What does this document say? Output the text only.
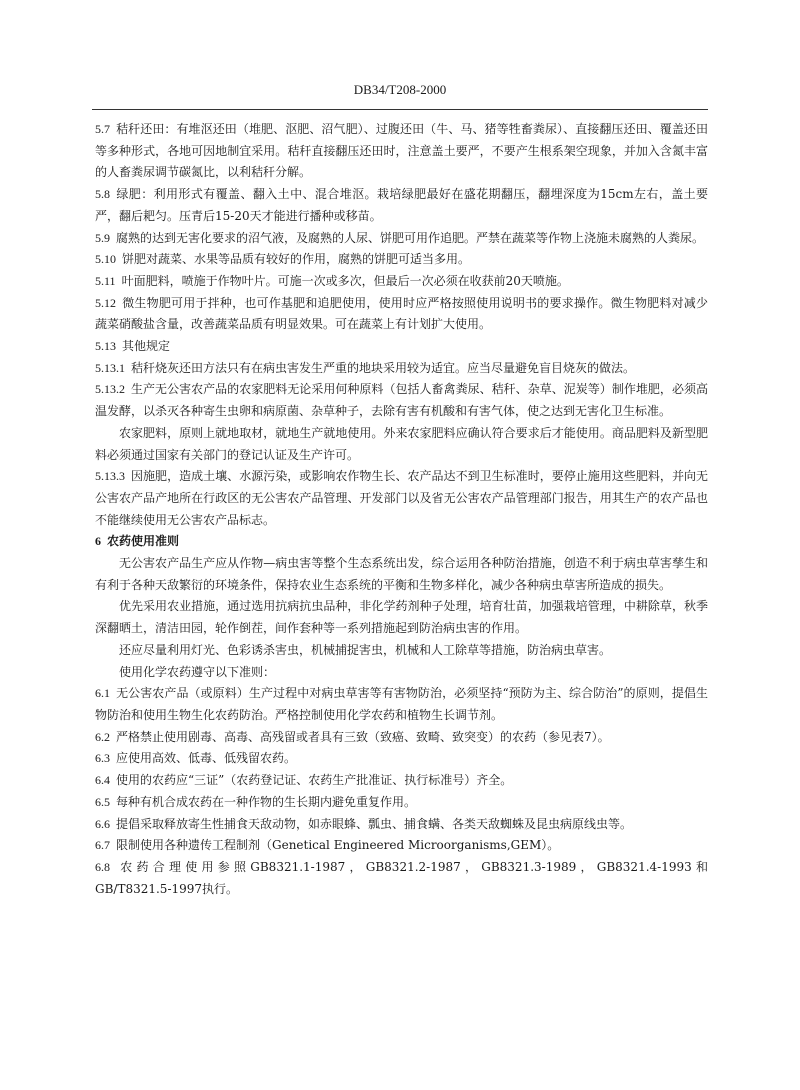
DB34/T208-2000

5.7 秸秆还田：有堆沤还田（堆肥、沤肥、沼气肥）、过腹还田（牛、马、猪等牲畜粪尿）、直接翻压还田、覆盖还田等多种形式，各地可因地制宜采用。秸秆直接翻压还田时，注意盖土要严，不要产生根系架空现象，并加入含氮丰富的人畜粪尿调节碳氮比，以利秸秆分解。

5.8 绿肥：利用形式有覆盖、翻入土中、混合堆沤。栽培绿肥最好在盛花期翻压，翻埋深度为15cm左右，盖土要严，翻后耙匀。压青后15-20天才能进行播种或移苗。

5.9 腐熟的达到无害化要求的沼气液，及腐熟的人尿、饼肥可用作追肥。严禁在蔬菜等作物上浇施未腐熟的人粪尿。

5.10 饼肥对蔬菜、水果等品质有较好的作用，腐熟的饼肥可适当多用。

5.11 叶面肥料，喷施于作物叶片。可施一次或多次，但最后一次必须在收获前20天喷施。

5.12 微生物肥可用于拌种，也可作基肥和追肥使用，使用时应严格按照使用说明书的要求操作。微生物肥料对减少蔬菜硝酸盐含量，改善蔬菜品质有明显效果。可在蔬菜上有计划扩大使用。

5.13 其他规定

5.13.1 秸秆烧灰还田方法只有在病虫害发生严重的地块采用较为适宜。应当尽量避免盲目烧灰的做法。

5.13.2 生产无公害农产品的农家肥料无论采用何种原料（包括人畜禽粪尿、秸秆、杂草、泥炭等）制作堆肥，必须高温发酵，以杀灭各种寄生虫卵和病原菌、杂草种子，去除有害有机酸和有害气体，使之达到无害化卫生标准。

农家肥料，原则上就地取材，就地生产就地使用。外来农家肥料应确认符合要求后才能使用。商品肥料及新型肥料必须通过国家有关部门的登记认证及生产许可。

5.13.3 因施肥，造成土壤、水源污染，或影响农作物生长、农产品达不到卫生标准时，要停止施用这些肥料，并向无公害农产品产地所在行政区的无公害农产品管理、开发部门以及省无公害农产品管理部门报告，用其生产的农产品也不能继续使用无公害农产品标志。

6 农药使用准则

无公害农产品生产应从作物—病虫害等整个生态系统出发，综合运用各种防治措施，创造不利于病虫草害孳生和有利于各种天敌繁衍的环境条件，保持农业生态系统的平衡和生物多样化，减少各种病虫草害所造成的损失。

优先采用农业措施，通过选用抗病抗虫品种，非化学药剂种子处理，培育壮苗，加强栽培管理，中耕除草，秋季深翻晒土，清洁田园，轮作倒茬，间作套种等一系列措施起到防治病虫害的作用。

还应尽量利用灯光、色彩诱杀害虫，机械捕捉害虫，机械和人工除草等措施，防治病虫草害。

使用化学农药遵守以下准则：

6.1 无公害农产品（或原料）生产过程中对病虫草害等有害物防治，必须坚持“预防为主、综合防治”的原则，提倡生物防治和使用生物生化农药防治。严格控制使用化学农药和植物生长调节剂。

6.2 严格禁止使用剧毒、高毒、高残留或者具有三致（致癌、致畸、致突变）的农药（参见表7）。

6.3 应使用高效、低毒、低残留农药。

6.4 使用的农药应“三证”（农药登记证、农药生产批准证、执行标准号）齐全。

6.5 每种有机合成农药在一种作物的生长期内避免重复作用。

6.6 提倡采取释放寄生性捕食天敌动物，如赤眼蜂、瓢虫、捕食螨、各类天敌蜘蛛及昆虫病原线虫等。

6.7 限制使用各种遗传工程制剂（Genetical Engineered Microorganisms,GEM）。

6.8 农药合理使用参照GB8321.1-1987，GB8321.2-1987，GB8321.3-1989，GB8321.4-1993和GB/T8321.5-1997执行。
